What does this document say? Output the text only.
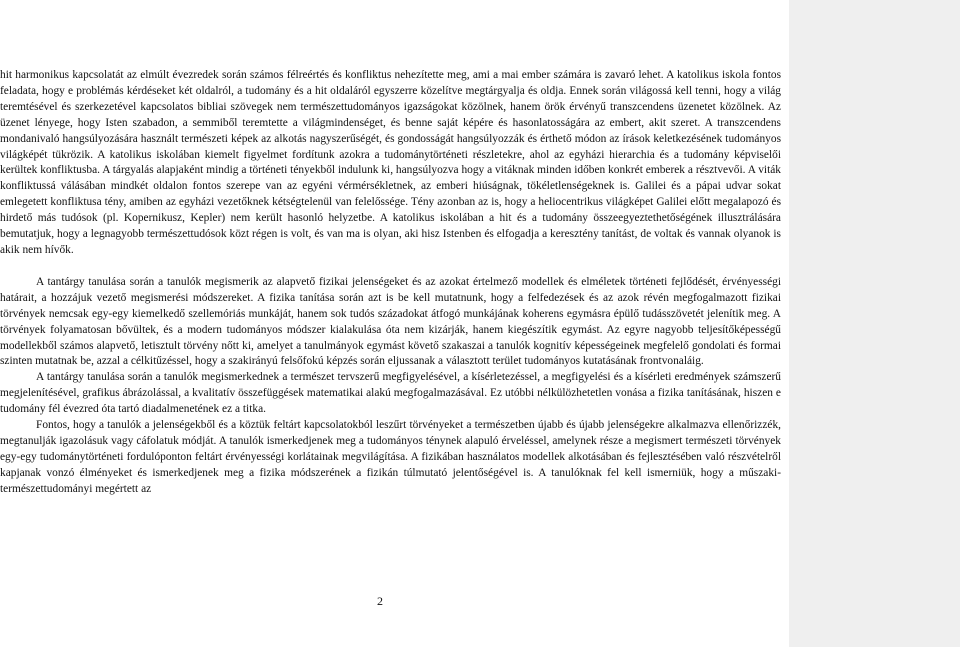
hit harmonikus kapcsolatát az elmúlt évezredek során számos félreértés és konfliktus nehezítette meg, ami a mai ember számára is zavaró lehet. A katolikus iskola fontos feladata, hogy e problémás kérdéseket két oldalról, a tudomány és a hit oldaláról egyszerre közelítve megtárgyalja és oldja. Ennek során világossá kell tenni, hogy a világ teremtésével és szerkezetével kapcsolatos bibliai szövegek nem természettudományos igazságokat közölnek, hanem örök érvényű transzcendens üzenetet közölnek. Az üzenet lényege, hogy Isten szabadon, a semmiből teremtette a világmindenséget, és benne saját képére és hasonlatosságára az embert, akit szeret. A transzcendens mondanivaló hangsúlyozására használt természeti képek az alkotás nagyszerűségét, és gondosságát hangsúlyozzák és érthető módon az írások keletkezésének tudományos világképét tükrözik. A katolikus iskolában kiemelt figyelmet fordítunk azokra a tudománytörténeti részletekre, ahol az egyházi hierarchia és a tudomány képviselői kerültek konfliktusba. A tárgyalás alapjaként mindig a történeti tényekből indulunk ki, hangsúlyozva hogy a vitáknak minden időben konkrét emberek a résztvevői. A viták konfliktussá válásában mindkét oldalon fontos szerepe van az egyéni vérmérsékletnek, az emberi hiúságnak, tökéletlenségeknek is. Galilei és a pápai udvar sokat emlegetett konfliktusa tény, amiben az egyházi vezetőknek kétségtelenül van felelőssége. Tény azonban az is, hogy a heliocentrikus világképet Galilei előtt megalapozó és hirdető más tudósok (pl. Kopernikusz, Kepler) nem került hasonló helyzetbe. A katolikus iskolában a hit és a tudomány összeegyeztethetőségének illusztrálására bemutatjuk, hogy a legnagyobb természettudósok közt régen is volt, és van ma is olyan, aki hisz Istenben és elfogadja a keresztény tanítást, de voltak és vannak olyanok is akik nem hívők.

A tantárgy tanulása során a tanulók megismerik az alapvető fizikai jelenségeket és az azokat értelmező modellek és elméletek történeti fejlődését, érvényességi határait, a hozzájuk vezető megismerési módszereket. A fizika tanítása során azt is be kell mutatnunk, hogy a felfedezések és az azok révén megfogalmazott fizikai törvények nemcsak egy-egy kiemelkedő szellemóriás munkáját, hanem sok tudós századokat átfogó munkájának koherens egymásra épülő tudásszövetét jelenítik meg. A törvények folyamatosan bővültek, és a modern tudományos módszer kialakulása óta nem kizárják, hanem kiegészítik egymást. Az egyre nagyobb teljesítőképességű modellekből számos alapvető, letisztult törvény nőtt ki, amelyet a tanulmányok egymást követő szakaszai a tanulók kognitív képességeinek megfelelő gondolati és formai szinten mutatnak be, azzal a célkitűzéssel, hogy a szakirányú felsőfokú képzés során eljussanak a választott terület tudományos kutatásának frontvonaláig.

A tantárgy tanulása során a tanulók megismerkednek a természet tervszerű megfigyelésével, a kísérletezéssel, a megfigyelési és a kísérleti eredmények számszerű megjelenítésével, grafikus ábrázolással, a kvalitatív összefüggések matematikai alakú megfogalmazásával. Ez utóbbi nélkülözhetetlen vonása a fizika tanításának, hiszen e tudomány fél évezred óta tartó diadalmenetének ez a titka.

Fontos, hogy a tanulók a jelenségekből és a köztük feltárt kapcsolatokból leszűrt törvényeket a természetben újabb és újabb jelenségekre alkalmazva ellenőrizzék, megtanulják igazolásuk vagy cáfolatuk módját. A tanulók ismerkedjenek meg a tudományos ténynek alapuló érveléssel, amelynek része a megismert természeti törvények egy-egy tudománytörténeti fordulóponton feltárt érvényességi korlátainak megvilágítása. A fizikában használatos modellek alkotásában és fejlesztésében való részvételről kapjanak vonzó élményeket és ismerkedjenek meg a fizika módszerének a fizikán túlmutató jelentőségével is. A tanulóknak fel kell ismerniük, hogy a műszaki-természettudományi megértett az

2
